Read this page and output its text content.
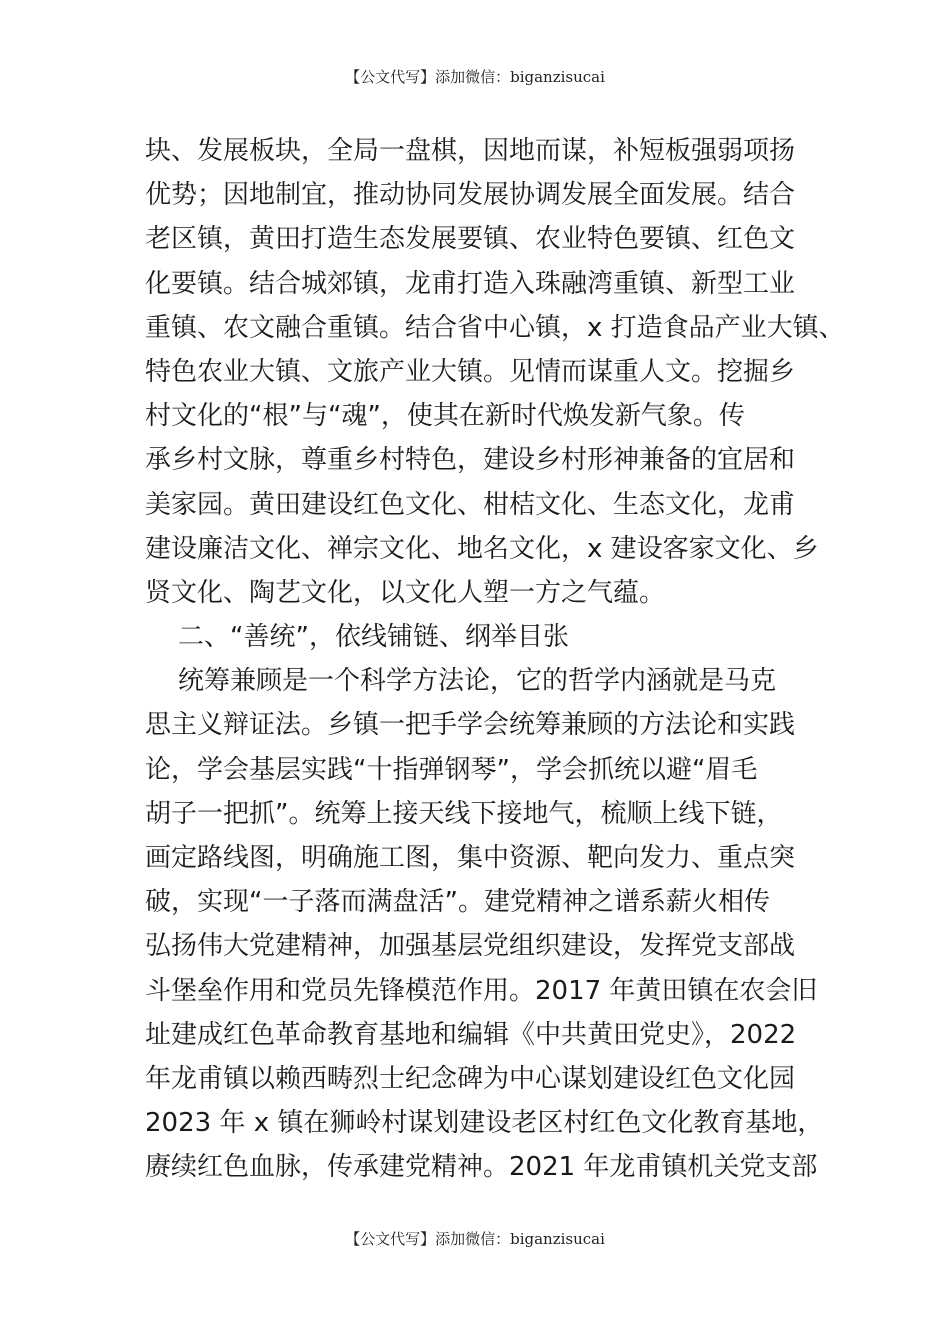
【公文代写】添加微信：biganzisucai
块、发展板块，全局一盘棋，因地而谋，补短板强弱项扬
优势；因地制宜，推动协同发展协调发展全面发展。结合
老区镇，黄田打造生态发展要镇、农业特色要镇、红色文
化要镇。结合城郊镇，龙甫打造入珠融湾重镇、新型工业
重镇、农文融合重镇。结合省中心镇，x 打造食品产业大镇、
特色农业大镇、文旅产业大镇。见情而谋重人文。挖掘乡
村文化的“根”与“魂”，使其在新时代焕发新气象。传
承乡村文脉，尊重乡村特色，建设乡村形神兼备的宜居和
美家园。黄田建设红色文化、柑桔文化、生态文化，龙甫
建设廉洁文化、禅宗文化、地名文化，x 建设客家文化、乡
贤文化、陶艺文化，以文化人塑一方之气蕴。
二、“善统”，依线铺链、纲举目张
统筹兼顾是一个科学方法论，它的哲学内涵就是马克
思主义辩证法。乡镇一把手学会统筹兼顾的方法论和实践
论，学会基层实践“十指弹钢琴”，学会抓统以避“眉毛
胡子一把抓”。统筹上接天线下接地气，梳顺上线下链，
画定路线图，明确施工图，集中资源、靶向发力、重点突
破，实现“一子落而满盘活”。建党精神之谱系薪火相传
弘扬伟大党建精神，加强基层党组织建设，发挥党支部战
斗堡垒作用和党员先锋模范作用。2017 年黄田镇在农会旧
址建成红色革命教育基地和编辑《中共黄田党史》，2022
年龙甫镇以赖西畴烈士纪念碑为中心谋划建设红色文化园
2023 年 x 镇在狮岭村谋划建设老区村红色文化教育基地，
赓续红色血脉，传承建党精神。2021 年龙甫镇机关党支部
【公文代写】添加微信：biganzisucai
